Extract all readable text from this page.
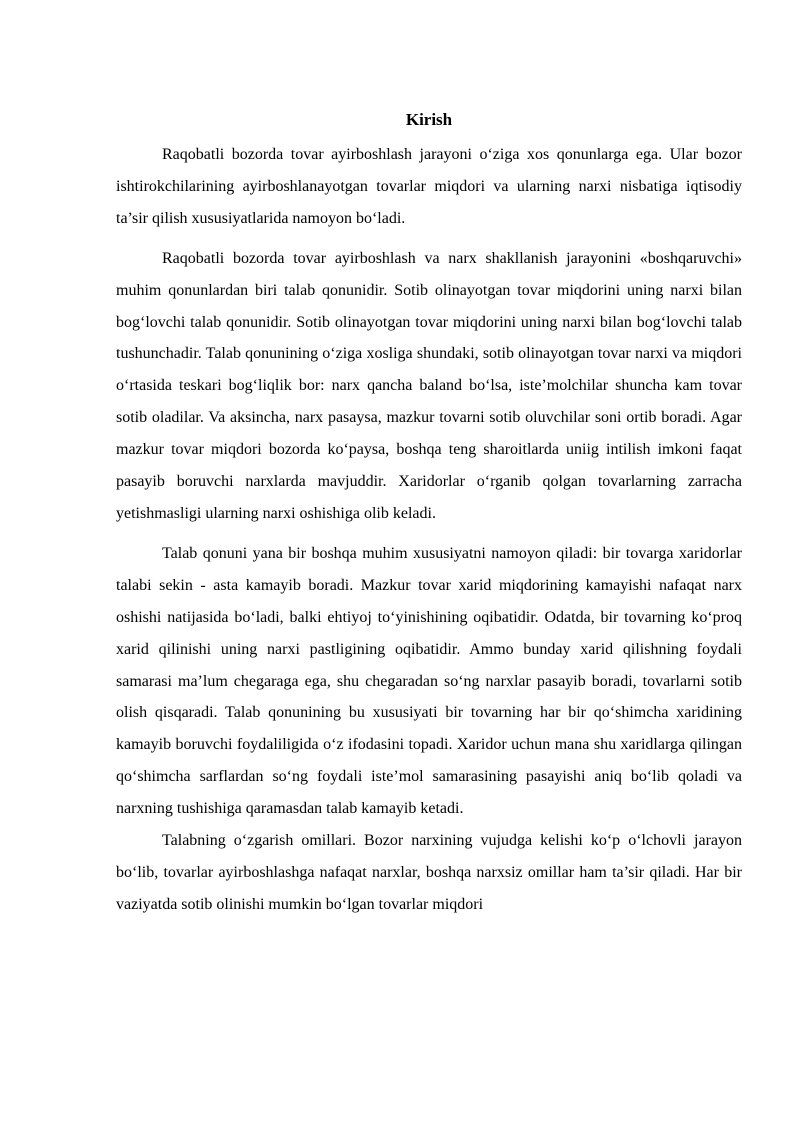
Kirish

Raqobatli bozorda tovar ayirboshlash jarayoni o‘ziga xos qonunlarga ega. Ular bozor ishtirokchilarining ayirboshlanayotgan tovarlar miqdori va ularning narxi nisbatiga iqtisodiy ta’sir qilish xususiyatlarida namoyon bo‘ladi.

Raqobatli bozorda tovar ayirboshlash va narx shakllanish jarayonini «boshqaruvchi» muhim qonunlardan biri talab qonunidir. Sotib olinayotgan tovar miqdorini uning narxi bilan bog‘lovchi talab qonunidir. Sotib olinayotgan tovar miqdorini uning narxi bilan bog‘lovchi talab tushunchadir. Talab qonunining o‘ziga xosliga shundaki, sotib olinayotgan tovar narxi va miqdori o‘rtasida teskari bog‘liqlik bor: narx qancha baland bo‘lsa, iste’molchilar shuncha kam tovar sotib oladilar. Va aksincha, narx pasaysa, mazkur tovarni sotib oluvchilar soni ortib boradi. Agar mazkur tovar miqdori bozorda ko‘paysa, boshqa teng sharoitlarda uniig intilish imkoni faqat pasayib boruvchi narxlarda mavjuddir. Xaridorlar o‘rganib qolgan tovarlarning zarracha yetishmasligi ularning narxi oshishiga olib keladi.

Talab qonuni yana bir boshqa muhim xususiyatni namoyon qiladi: bir tovarga xaridorlar talabi sekin - asta kamayib boradi. Mazkur tovar xarid miqdorining kamayishi nafaqat narx oshishi natijasida bo‘ladi, balki ehtiyoj to‘yinishining oqibatidir. Odatda, bir tovarning ko‘proq xarid qilinishi uning narxi pastligining oqibatidir. Ammo bunday xarid qilishning foydali samarasi ma’lum chegaraga ega, shu chegaradan so‘ng narxlar pasayib boradi, tovarlarni sotib olish qisqaradi. Talab qonunining bu xususiyati bir tovarning har bir qo‘shimcha xaridining kamayib boruvchi foydaliligida o‘z ifodasini topadi. Xaridor uchun mana shu xaridlarga qilingan qo‘shimcha sarflardan so‘ng foydali iste’mol samarasining pasayishi aniq bo‘lib qoladi va narxning tushishiga qaramasdan talab kamayib ketadi.

Talabning o‘zgarish omillari. Bozor narxining vujudga kelishi ko‘p o‘lchovli jarayon bo‘lib, tovarlar ayirboshlashga nafaqat narxlar, boshqa narxsiz omillar ham ta’sir qiladi. Har bir vaziyatda sotib olinishi mumkin bo‘lgan tovarlar miqdori
